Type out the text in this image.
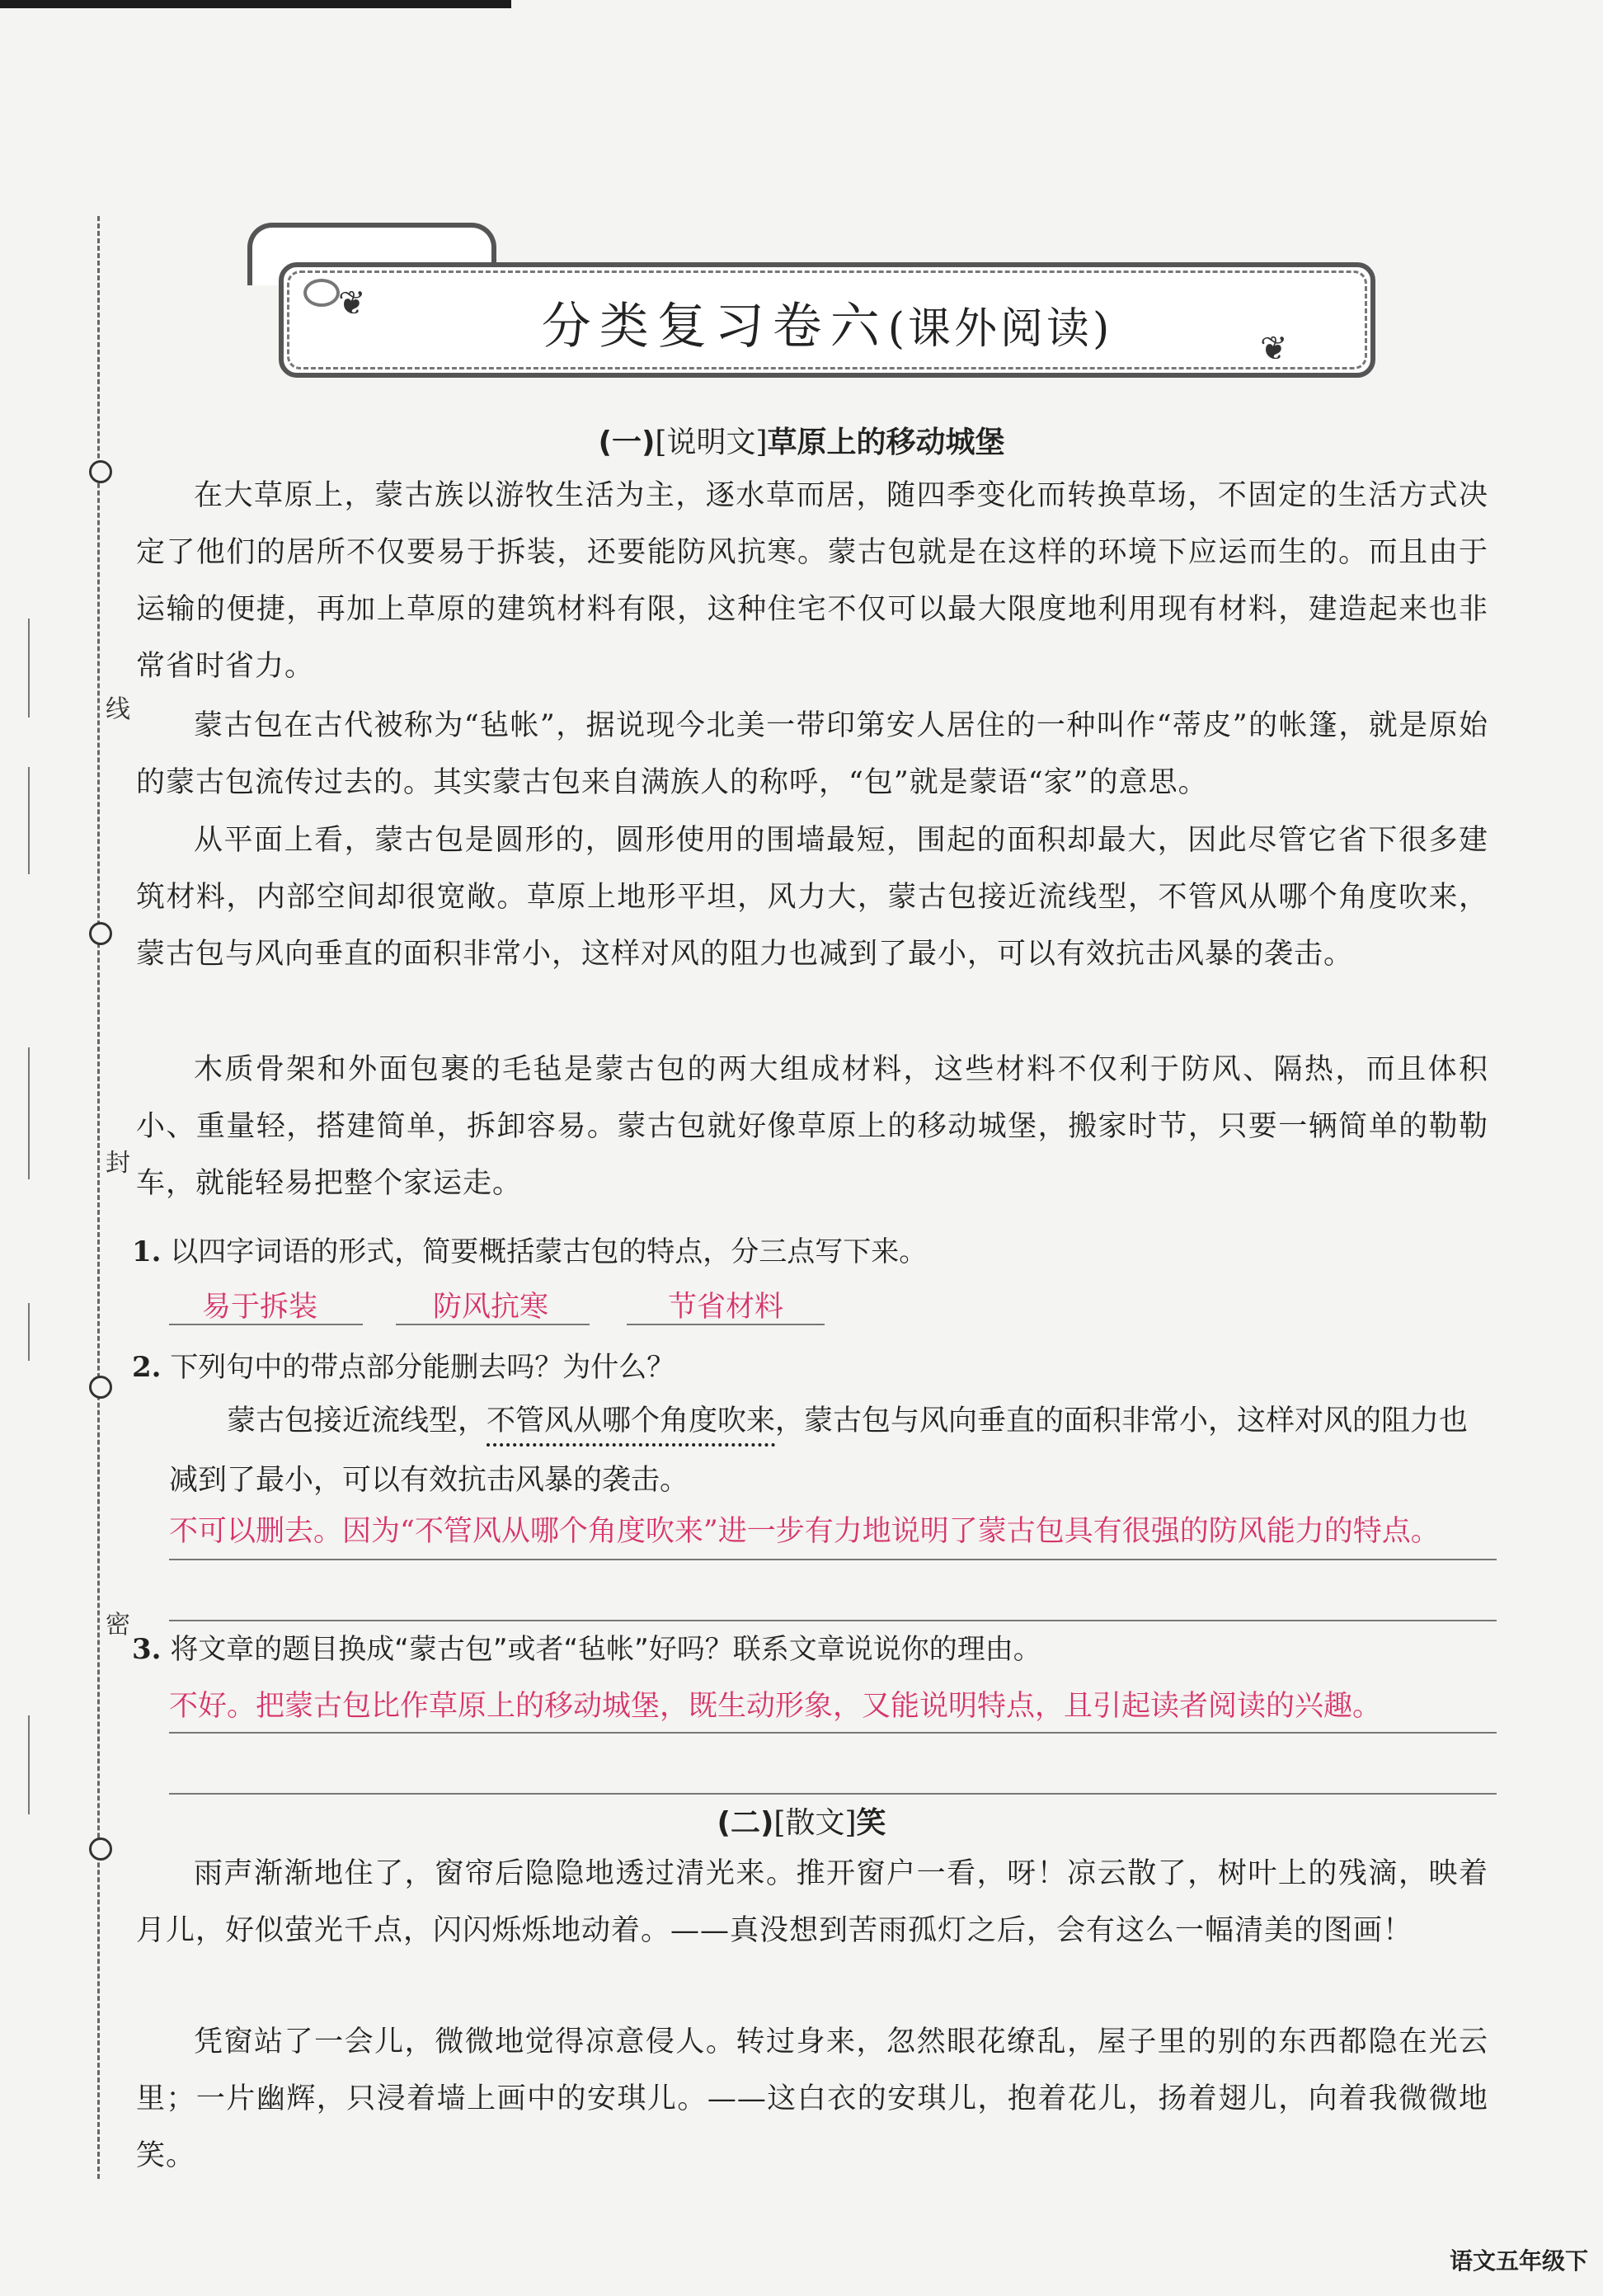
线
封
密
分类复习卷六(课外阅读)
❦
❦
(一)[说明文]草原上的移动城堡
在大草原上，蒙古族以游牧生活为主，逐水草而居，随四季变化而转换草场，不固定的生活方式决定了他们的居所不仅要易于拆装，还要能防风抗寒。蒙古包就是在这样的环境下应运而生的。而且由于运输的便捷，再加上草原的建筑材料有限，这种住宅不仅可以最大限度地利用现有材料，建造起来也非常省时省力。
蒙古包在古代被称为“毡帐”，据说现今北美一带印第安人居住的一种叫作“蒂皮”的帐篷，就是原始的蒙古包流传过去的。其实蒙古包来自满族人的称呼，“包”就是蒙语“家”的意思。
从平面上看，蒙古包是圆形的，圆形使用的围墙最短，围起的面积却最大，因此尽管它省下很多建筑材料，内部空间却很宽敞。草原上地形平坦，风力大，蒙古包接近流线型，不管风从哪个角度吹来，蒙古包与风向垂直的面积非常小，这样对风的阻力也减到了最小，可以有效抗击风暴的袭击。
木质骨架和外面包裹的毛毡是蒙古包的两大组成材料，这些材料不仅利于防风、隔热，而且体积小、重量轻，搭建简单，拆卸容易。蒙古包就好像草原上的移动城堡，搬家时节，只要一辆简单的勒勒车，就能轻易把整个家运走。
1. 以四字词语的形式，简要概括蒙古包的特点，分三点写下来。
易于拆装	防风抗寒	节省材料
2. 下列句中的带点部分能删去吗？为什么？
蒙古包接近流线型，不管风从哪个角度吹来，蒙古包与风向垂直的面积非常小，这样对风的阻力也减到了最小，可以有效抗击风暴的袭击。
不可以删去。因为“不管风从哪个角度吹来”进一步有力地说明了蒙古包具有很强的防风能力的特点。
3. 将文章的题目换成“蒙古包”或者“毡帐”好吗？联系文章说说你的理由。
不好。把蒙古包比作草原上的移动城堡，既生动形象，又能说明特点，且引起读者阅读的兴趣。
(二)[散文]笑
雨声渐渐地住了，窗帘后隐隐地透过清光来。推开窗户一看，呀！凉云散了，树叶上的残滴，映着月儿，好似萤光千点，闪闪烁烁地动着。——真没想到苦雨孤灯之后，会有这么一幅清美的图画！
凭窗站了一会儿，微微地觉得凉意侵人。转过身来，忽然眼花缭乱，屋子里的别的东西都隐在光云里；一片幽辉，只浸着墙上画中的安琪儿。——这白衣的安琪儿，抱着花儿，扬着翅儿，向着我微微地笑。
语文五年级下
